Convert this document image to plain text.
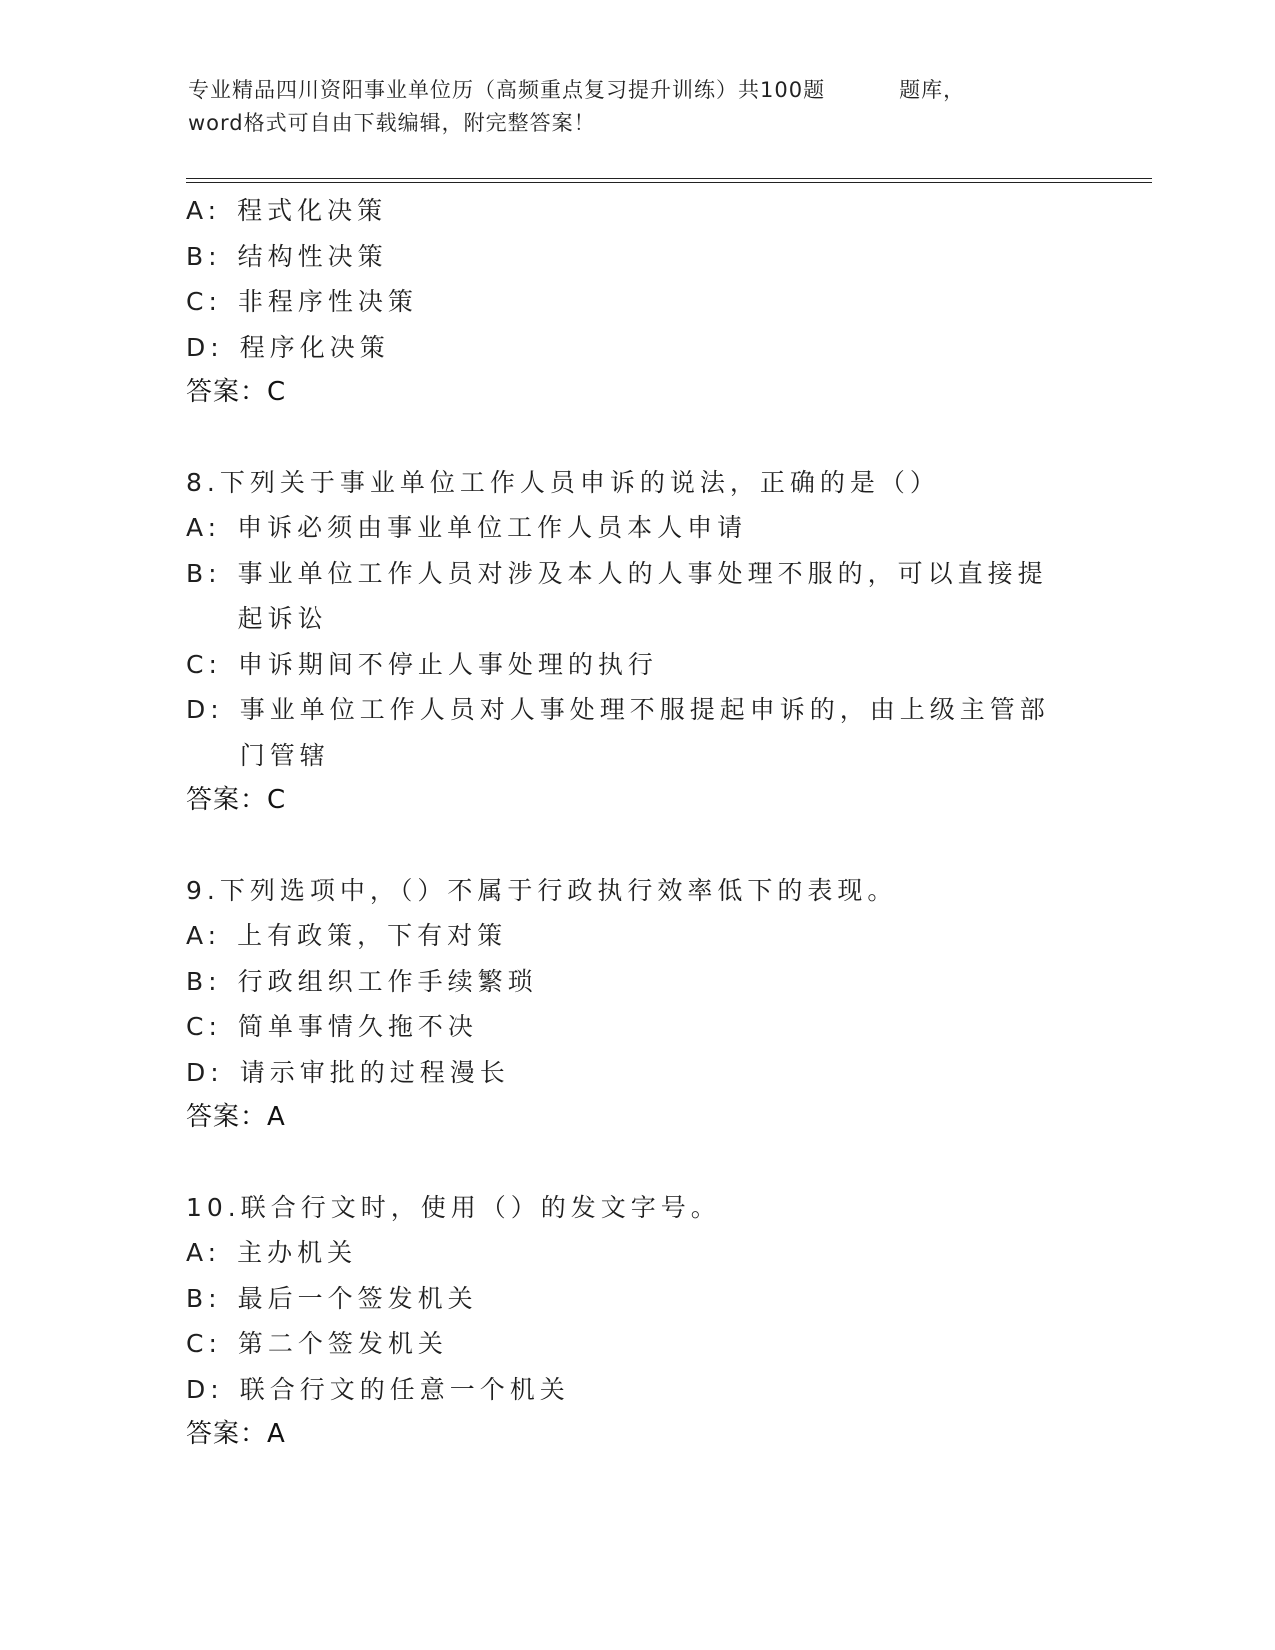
专业精品四川资阳事业单位历（高频重点复习提升训练）共100题	题库，
word格式可自由下载编辑，附完整答案！
A: 程式化决策
B: 结构性决策
C: 非程序性决策
D: 程序化决策
答案：C
8.下列关于事业单位工作人员申诉的说法，正确的是（）
A: 申诉必须由事业单位工作人员本人申请
B: 事业单位工作人员对涉及本人的人事处理不服的，可以直接提起诉讼
C: 申诉期间不停止人事处理的执行
D: 事业单位工作人员对人事处理不服提起申诉的，由上级主管部门管辖
答案：C
9.下列选项中，（）不属于行政执行效率低下的表现。
A: 上有政策，下有对策
B: 行政组织工作手续繁琐
C: 简单事情久拖不决
D: 请示审批的过程漫长
答案：A
10.联合行文时，使用（）的发文字号。
A: 主办机关
B: 最后一个签发机关
C: 第二个签发机关
D: 联合行文的任意一个机关
答案：A
